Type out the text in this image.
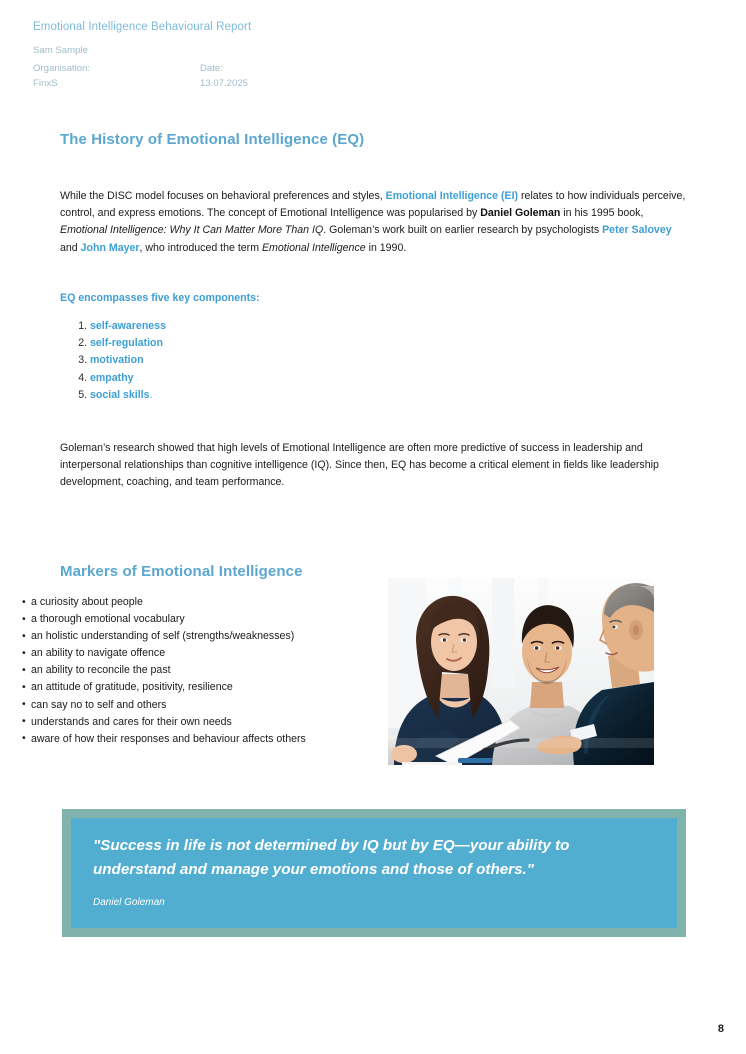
Emotional Intelligence Behavioural Report
Sam Sample
Organisation:	Date:
FinxS	13.07.2025
The History of Emotional Intelligence (EQ)

While the DISC model focuses on behavioral preferences and styles, Emotional Intelligence (EI) relates to how individuals perceive, control, and express emotions. The concept of Emotional Intelligence was popularised by Daniel Goleman in his 1995 book, Emotional Intelligence: Why It Can Matter More Than IQ. Goleman’s work built on earlier research by psychologists Peter Salovey and John Mayer, who introduced the term Emotional Intelligence in 1990.

EQ encompasses five key components:
1. self-awareness
2. self-regulation
3. motivation
4. empathy
5. social skills.

Goleman’s research showed that high levels of Emotional Intelligence are often more predictive of success in leadership and interpersonal relationships than cognitive intelligence (IQ). Since then, EQ has become a critical element in fields like leadership development, coaching, and team performance.

Markers of Emotional Intelligence
• a curiosity about people
• a thorough emotional vocabulary
• an holistic understanding of self (strengths/weaknesses)
• an ability to navigate offence
• an ability to reconcile the past
• an attitude of gratitude, positivity, resilience
• can say no to self and others
• understands and cares for their own needs
• aware of how their responses and behaviour affects others

"Success in life is not determined by IQ but by EQ—your ability to understand and manage your emotions and those of others."

Daniel Goleman

8
